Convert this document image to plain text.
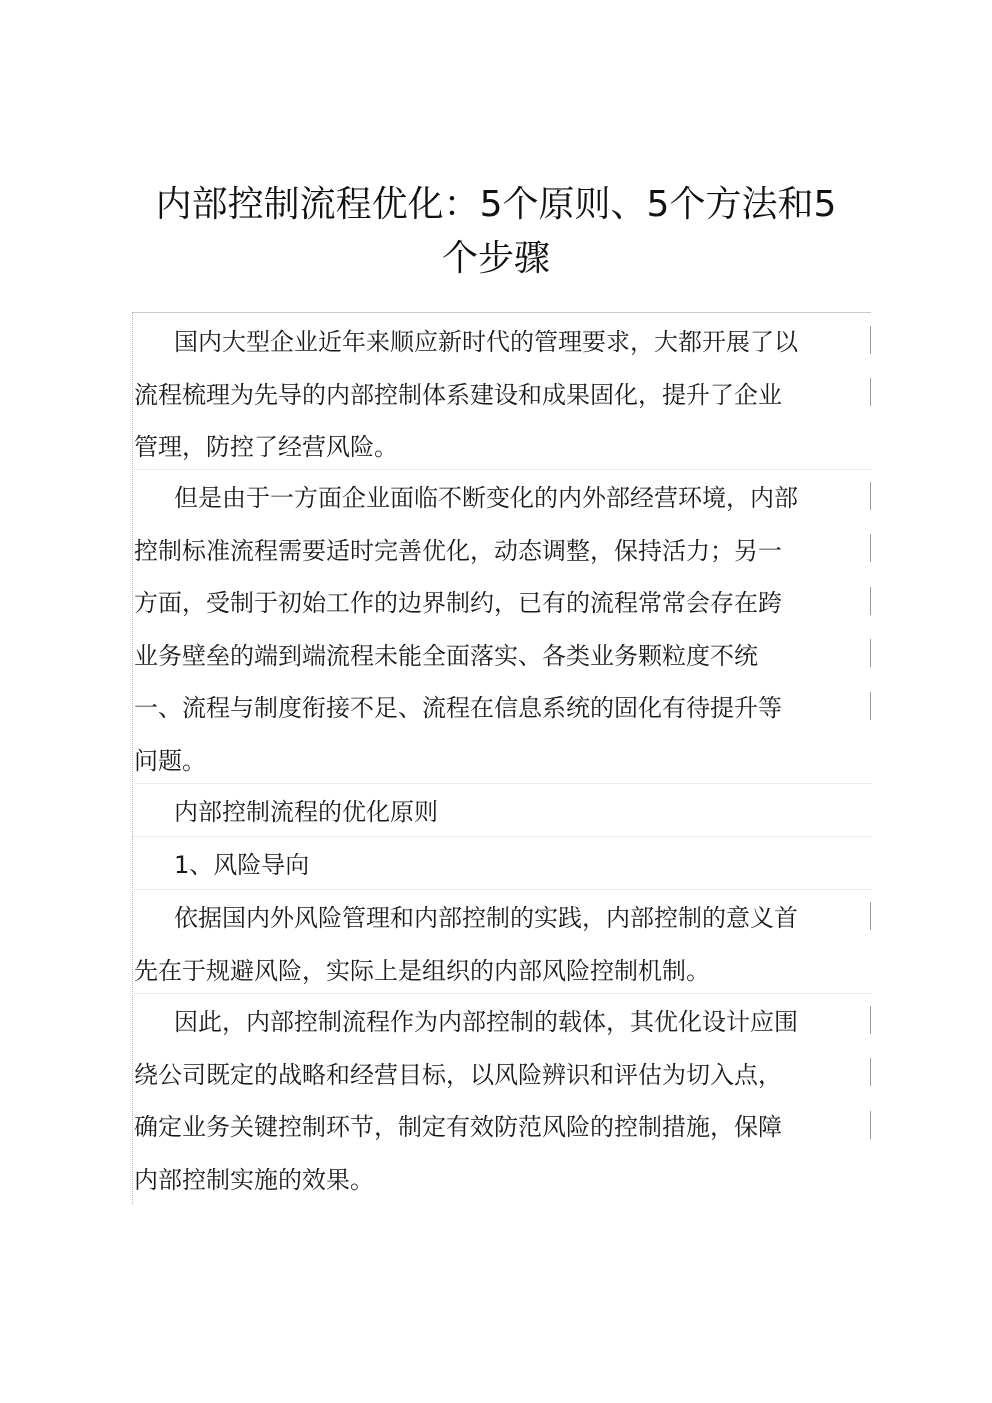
内部控制流程优化：5个原则、5个方法和5
个步骤
国内大型企业近年来顺应新时代的管理要求，大都开展了以
流程梳理为先导的内部控制体系建设和成果固化，提升了企业
管理，防控了经营风险。
但是由于一方面企业面临不断变化的内外部经营环境，内部
控制标准流程需要适时完善优化，动态调整，保持活力；另一
方面，受制于初始工作的边界制约，已有的流程常常会存在跨
业务壁垒的端到端流程未能全面落实、各类业务颗粒度不统
一、流程与制度衔接不足、流程在信息系统的固化有待提升等
问题。
内部控制流程的优化原则
1、风险导向
依据国内外风险管理和内部控制的实践，内部控制的意义首
先在于规避风险，实际上是组织的内部风险控制机制。
因此，内部控制流程作为内部控制的载体，其优化设计应围
绕公司既定的战略和经营目标，以风险辨识和评估为切入点，
确定业务关键控制环节，制定有效防范风险的控制措施，保障
内部控制实施的效果。
